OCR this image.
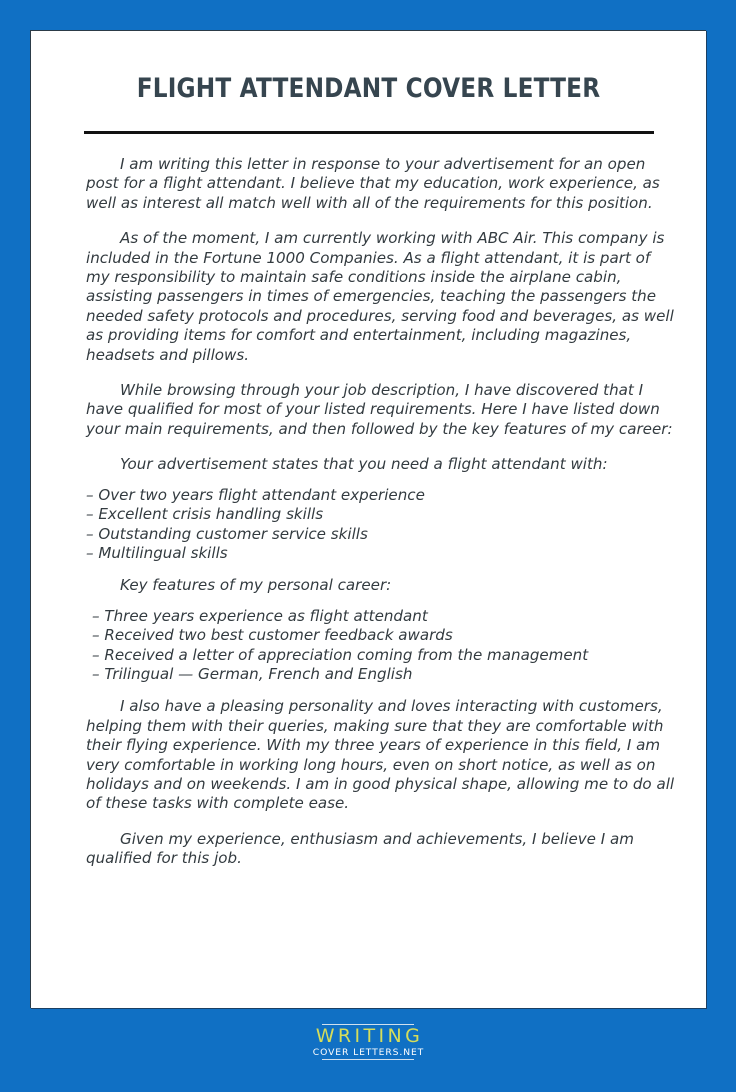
FLIGHT ATTENDANT COVER LETTER

I am writing this letter in response to your advertisement for an open post for a flight attendant. I believe that my education, work experience, as well as interest all match well with all of the requirements for this position.

As of the moment, I am currently working with ABC Air. This company is included in the Fortune 1000 Companies. As a flight attendant, it is part of my responsibility to maintain safe conditions inside the airplane cabin, assisting passengers in times of emergencies, teaching the passengers the needed safety protocols and procedures, serving food and beverages, as well as providing items for comfort and entertainment, including magazines, headsets and pillows.

While browsing through your job description, I have discovered that I have qualified for most of your listed requirements. Here I have listed down your main requirements, and then followed by the key features of my career:

Your advertisement states that you need a flight attendant with:

– Over two years flight attendant experience
– Excellent crisis handling skills
– Outstanding customer service skills
– Multilingual skills

Key features of my personal career:

– Three years experience as flight attendant
– Received two best customer feedback awards
– Received a letter of appreciation coming from the management
– Trilingual — German, French and English

I also have a pleasing personality and loves interacting with customers, helping them with their queries, making sure that they are comfortable with their flying experience. With my three years of experience in this field, I am very comfortable in working long hours, even on short notice, as well as on holidays and on weekends. I am in good physical shape, allowing me to do all of these tasks with complete ease.

Given my experience, enthusiasm and achievements, I believe I am qualified for this job.

WRITING
COVER LETTERS.NET
